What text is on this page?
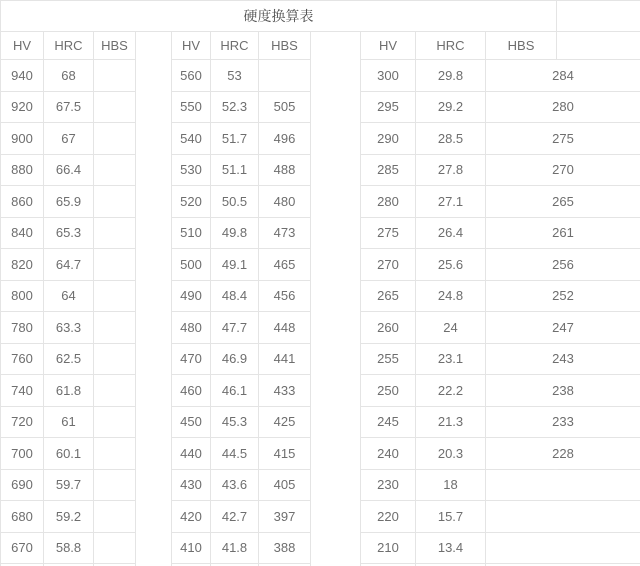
硬度换算表											
HV	HRC	HBS		HV	HRC	HBS		HV	HRC	HBS	
940	68			560	53			300	29.8	284	
920	67.5			550	52.3	505		295	29.2	280	
900	67			540	51.7	496		290	28.5	275	
880	66.4			530	51.1	488		285	27.8	270	
860	65.9			520	50.5	480		280	27.1	265	
840	65.3			510	49.8	473		275	26.4	261	
820	64.7			500	49.1	465		270	25.6	256	
800	64			490	48.4	456		265	24.8	252	
780	63.3			480	47.7	448		260	24	247	
760	62.5			470	46.9	441		255	23.1	243	
740	61.8			460	46.1	433		250	22.2	238	
720	61			450	45.3	425		245	21.3	233	
700	60.1			440	44.5	415		240	20.3	228	
690	59.7			430	43.6	405		230	18		
680	59.2			420	42.7	397		220	15.7		
670	58.8			410	41.8	388		210	13.4		
